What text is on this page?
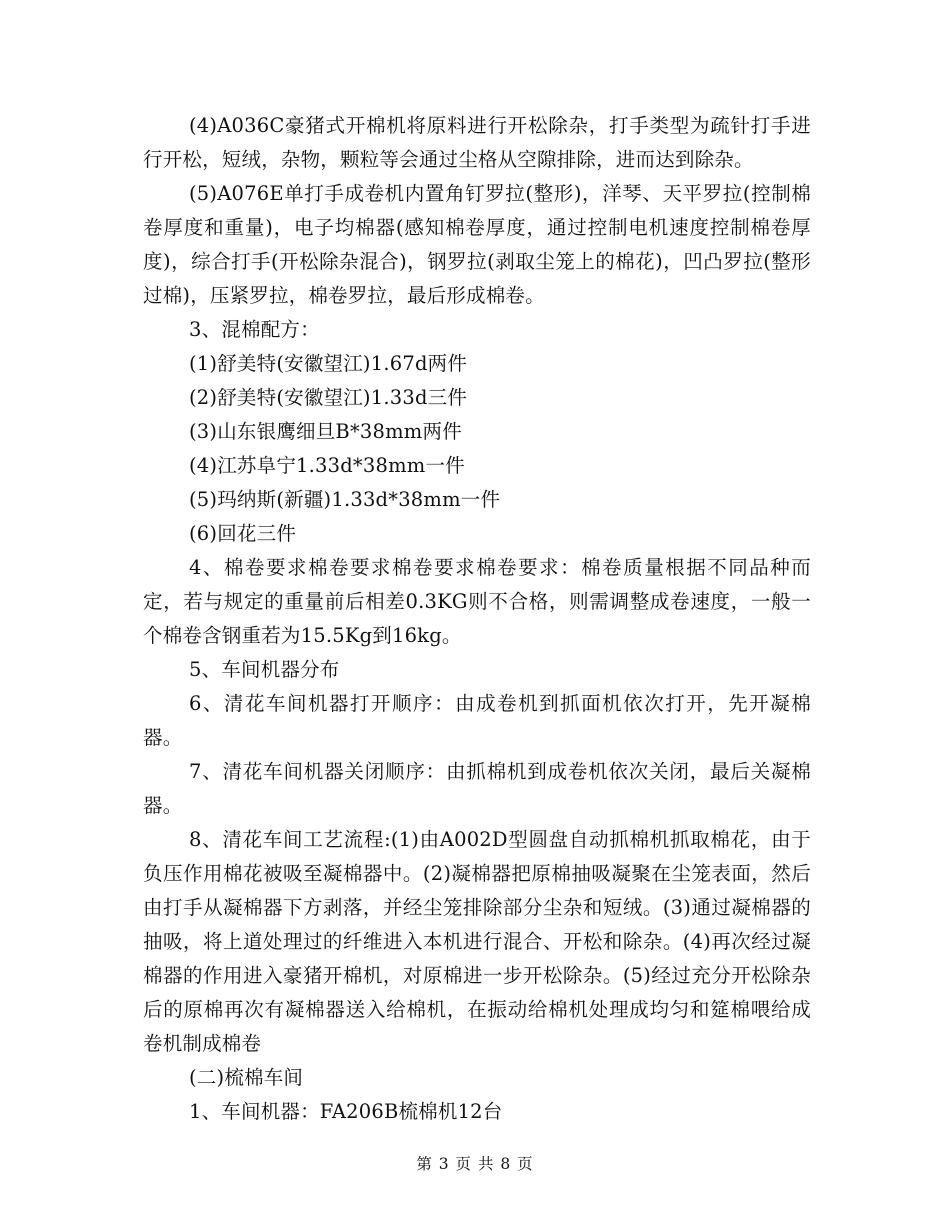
(4)A036C豪猪式开棉机将原料进行开松除杂，打手类型为疏针打手进行开松，短绒，杂物，颗粒等会通过尘格从空隙排除，进而达到除杂。

(5)A076E单打手成卷机内置角钉罗拉(整形)，洋琴、天平罗拉(控制棉卷厚度和重量)，电子均棉器(感知棉卷厚度，通过控制电机速度控制棉卷厚度)，综合打手(开松除杂混合)，钢罗拉(剥取尘笼上的棉花)，凹凸罗拉(整形过棉)，压紧罗拉，棉卷罗拉，最后形成棉卷。

3、混棉配方：

(1)舒美特(安徽望江)1.67d两件

(2)舒美特(安徽望江)1.33d三件

(3)山东银鹰细旦B*38mm两件

(4)江苏阜宁1.33d*38mm一件

(5)玛纳斯(新疆)1.33d*38mm一件

(6)回花三件

4、棉卷要求棉卷要求棉卷要求棉卷要求：棉卷质量根据不同品种而定，若与规定的重量前后相差0.3KG则不合格，则需调整成卷速度，一般一个棉卷含钢重若为15.5Kg到16kg。

5、车间机器分布

6、清花车间机器打开顺序：由成卷机到抓面机依次打开，先开凝棉器。

7、清花车间机器关闭顺序：由抓棉机到成卷机依次关闭，最后关凝棉器。

8、清花车间工艺流程:(1)由A002D型圆盘自动抓棉机抓取棉花，由于负压作用棉花被吸至凝棉器中。(2)凝棉器把原棉抽吸凝聚在尘笼表面，然后由打手从凝棉器下方剥落，并经尘笼排除部分尘杂和短绒。(3)通过凝棉器的抽吸，将上道处理过的纤维进入本机进行混合、开松和除杂。(4)再次经过凝棉器的作用进入豪猪开棉机，对原棉进一步开松除杂。(5)经过充分开松除杂后的原棉再次有凝棉器送入给棉机，在振动给棉机处理成均匀和筵棉喂给成卷机制成棉卷

(二)梳棉车间

1、车间机器：FA206B梳棉机12台

第 3 页 共 8 页
